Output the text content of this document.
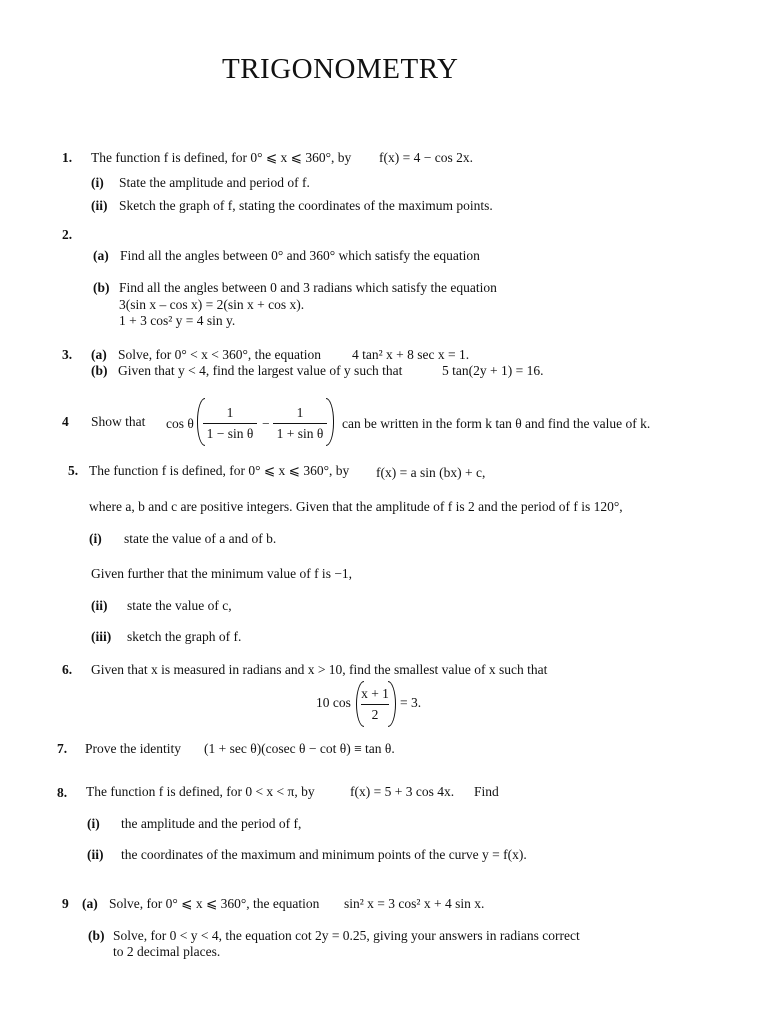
TRIGONOMETRY
1. The function f is defined, for 0° ⩽ x ⩽ 360°, by f(x) = 4 − cos 2x.
(i) State the amplitude and period of f.
(ii) Sketch the graph of f, stating the coordinates of the maximum points.
2.
(a) Find all the angles between 0° and 360° which satisfy the equation
(b) Find all the angles between 0 and 3 radians which satisfy the equation
3(sin x – cos x) = 2(sin x + cos x).
1 + 3 cos² y = 4 sin y.
3. (a) Solve, for 0° < x < 360°, the equation 4 tan² x + 8 sec x = 1.
(b) Given that y < 4, find the largest value of y such that	5 tan(2y + 1) = 16.
4 Show that cos θ
1
1 − sin θ
−
1
1 + sin θ
can be written in the form k tan θ and find the value of k.
5. The function f is defined, for 0° ⩽ x ⩽ 360°, by f(x) = a sin (bx) + c,
where a, b and c are positive integers. Given that the amplitude of f is 2 and the period of f is 120°,
(i) state the value of a and of b.
Given further that the minimum value of f is −1,
(ii) state the value of c,
(iii) sketch the graph of f.
6. Given that x is measured in radians and x > 10, find the smallest value of x such that
10 cos
x + 1
2
= 3.
7. Prove the identity (1 + sec θ)(cosec θ − cot θ) ≡ tan θ.
8. The function f is defined, for 0 < x < π, by	f(x) = 5 + 3 cos 4x. Find
(i) the amplitude and the period of f,
(ii) the coordinates of the maximum and minimum points of the curve y = f(x).
9 (a) Solve, for 0° ⩽ x ⩽ 360°, the equation sin² x = 3 cos² x + 4 sin x.
(b) Solve, for 0 < y < 4, the equation cot 2y = 0.25, giving your answers in radians correct
to 2 decimal places.
